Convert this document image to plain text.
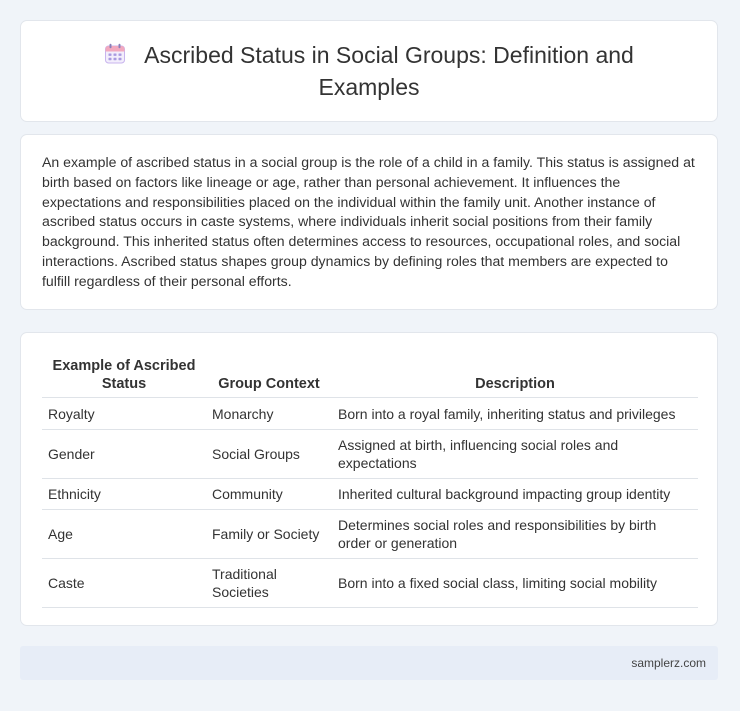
Ascribed Status in Social Groups: Definition and Examples

An example of ascribed status in a social group is the role of a child in a family. This status is assigned at birth based on factors like lineage or age, rather than personal achievement. It influences the expectations and responsibilities placed on the individual within the family unit. Another instance of ascribed status occurs in caste systems, where individuals inherit social positions from their family background. This inherited status often determines access to resources, occupational roles, and social interactions. Ascribed status shapes group dynamics by defining roles that members are expected to fulfill regardless of their personal efforts.

Example of Ascribed Status	Group Context	Description
Royalty	Monarchy	Born into a royal family, inheriting status and privileges
Gender	Social Groups	Assigned at birth, influencing social roles and expectations
Ethnicity	Community	Inherited cultural background impacting group identity
Age	Family or Society	Determines social roles and responsibilities by birth order or generation
Caste	Traditional Societies	Born into a fixed social class, limiting social mobility
samplerz.com
